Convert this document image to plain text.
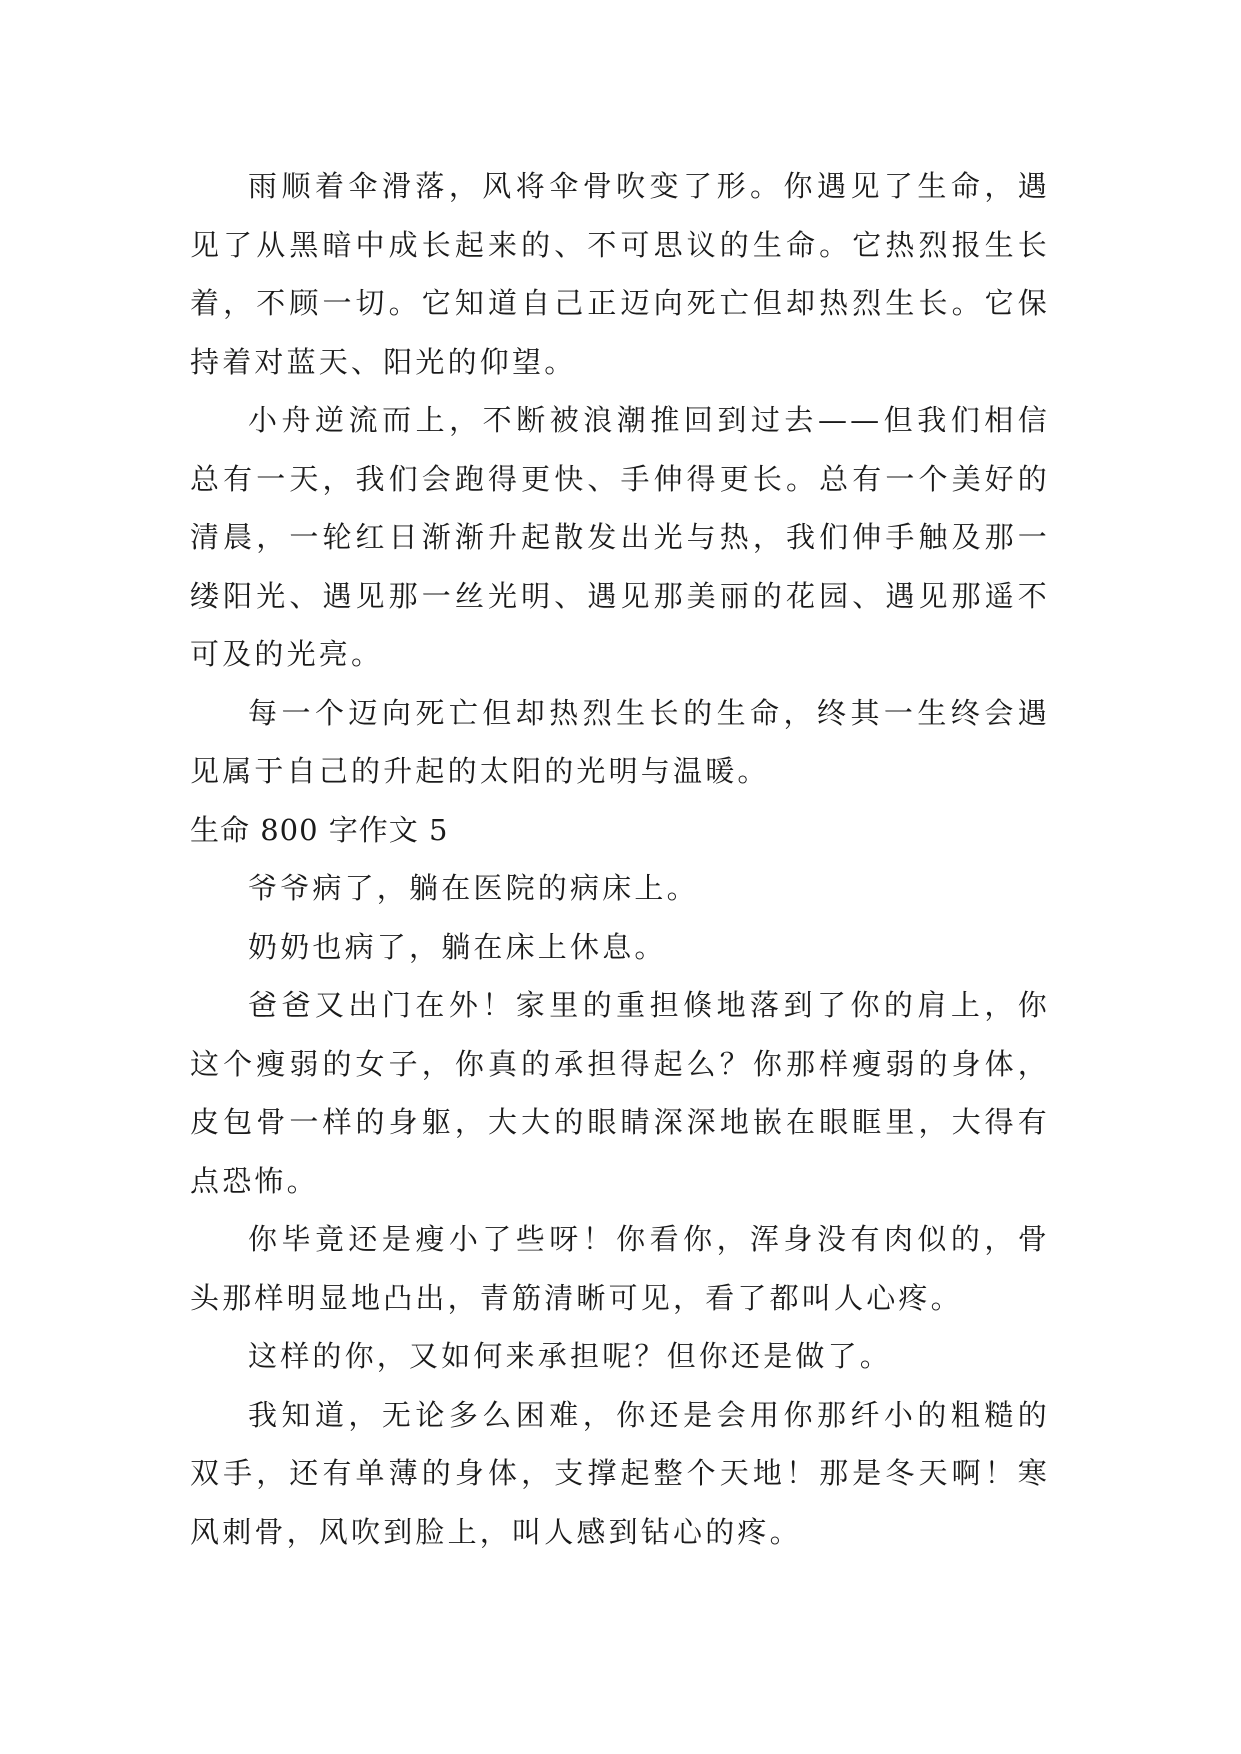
雨顺着伞滑落，风将伞骨吹变了形。你遇见了生命，遇见了从黑暗中成长起来的、不可思议的生命。它热烈报生长着，不顾一切。它知道自己正迈向死亡但却热烈生长。它保持着对蓝天、阳光的仰望。

小舟逆流而上，不断被浪潮推回到过去——但我们相信总有一天，我们会跑得更快、手伸得更长。总有一个美好的清晨，一轮红日渐渐升起散发出光与热，我们伸手触及那一缕阳光、遇见那一丝光明、遇见那美丽的花园、遇见那遥不可及的光亮。

每一个迈向死亡但却热烈生长的生命，终其一生终会遇见属于自己的升起的太阳的光明与温暖。

生命 800 字作文 5

爷爷病了，躺在医院的病床上。

奶奶也病了，躺在床上休息。

爸爸又出门在外！家里的重担倏地落到了你的肩上，你这个瘦弱的女子，你真的承担得起么？你那样瘦弱的身体，皮包骨一样的身躯，大大的眼睛深深地嵌在眼眶里，大得有点恐怖。

你毕竟还是瘦小了些呀！你看你，浑身没有肉似的，骨头那样明显地凸出，青筋清晰可见，看了都叫人心疼。

这样的你，又如何来承担呢？但你还是做了。

我知道，无论多么困难，你还是会用你那纤小的粗糙的双手，还有单薄的身体，支撑起整个天地！那是冬天啊！寒风刺骨，风吹到脸上，叫人感到钻心的疼。
